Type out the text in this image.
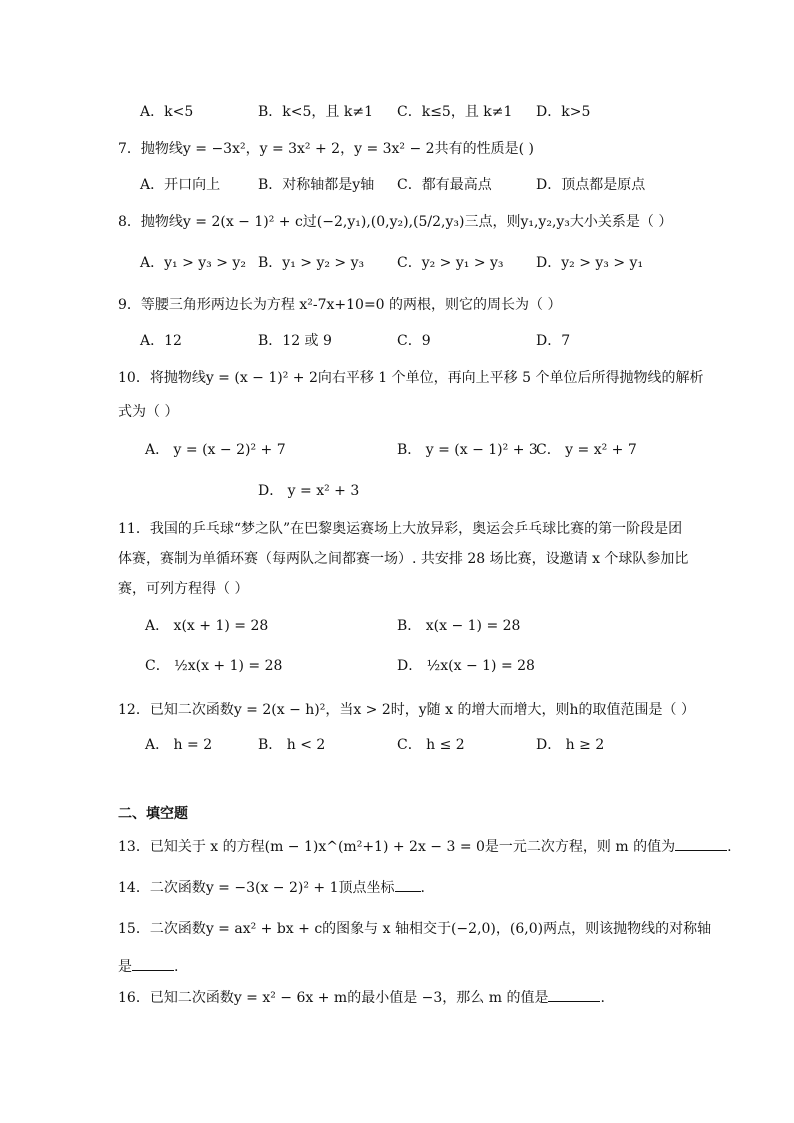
A．k<5	B．k<5，且 k≠1 C．k≤5，且 k≠1 D．k>5
7．抛物线y = −3x²，y = 3x² + 2，y = 3x² − 2共有的性质是( )
A．开口向上	B．对称轴都是y轴 C．都有最高点	D．顶点都是原点
8．抛物线y = 2(x − 1)² + c过(−2,y₁),(0,y₂),(5/2,y₃)三点，则y₁,y₂,y₃大小关系是（ ）
A．y₁ > y₃ > y₂ B．y₁ > y₂ > y₃ C．y₂ > y₁ > y₃ D．y₂ > y₃ > y₁
9．等腰三角形两边长为方程 x²-7x+10=0 的两根，则它的周长为（ ）
A．12	B．12 或 9	C．9	D．7
10．将抛物线y = (x − 1)² + 2向右平移 1 个单位，再向上平移 5 个单位后所得抛物线的解析
式为（ ）
A． y = (x − 2)² + 7	B． y = (x − 1)² + 3
C． y = x² + 7
D． y = x² + 3
11．我国的乒乓球“梦之队”在巴黎奥运赛场上大放异彩，奥运会乒乓球比赛的第一阶段是团
体赛，赛制为单循环赛（每两队之间都赛一场）. 共安排 28 场比赛，设邀请 x 个球队参加比
赛，可列方程得（ ）
A． x(x + 1) = 28	B． x(x − 1) = 28
C． ½x(x + 1) = 28	D． ½x(x − 1) = 28
12．已知二次函数y = 2(x − h)²，当x > 2时，y随 x 的增大而增大，则h的取值范围是（ ）
A． h = 2	B． h < 2	C． h ≤ 2	D． h ≥ 2
二、填空题
13．已知关于 x 的方程(m − 1)x^(m²+1) + 2x − 3 = 0是一元二次方程，则 m 的值为	.
14．二次函数y = −3(x − 2)² + 1顶点坐标 .
15．二次函数y = ax² + bx + c的图象与 x 轴相交于(−2,0)，(6,0)两点，则该抛物线的对称轴
是	.
16．已知二次函数y = x² − 6x + m的最小值是 −3，那么 m 的值是	.
